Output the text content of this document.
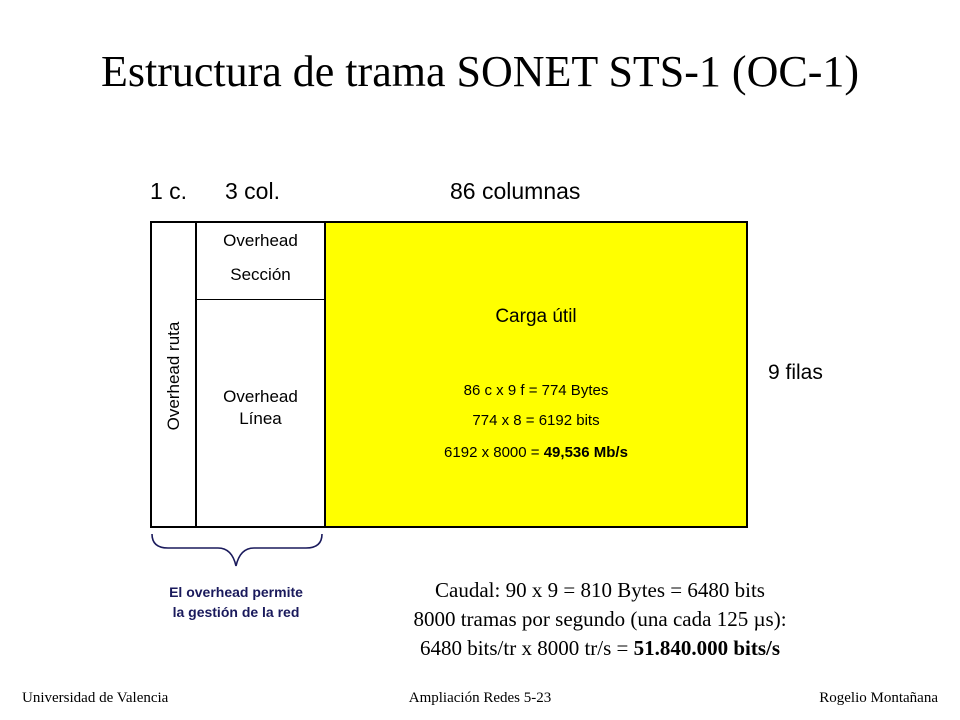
Estructura de trama SONET STS-1 (OC-1)
1 c. 3 col.	86 columnas
Overhead ruta
Overhead
Sección
Overhead
Línea
Carga útil
86 c x 9 f = 774 Bytes
774 x 8 = 6192 bits
6192 x 8000 = 49,536 Mb/s
9 filas
El overhead permite
la gestión de la red
Caudal: 90 x 9 = 810 Bytes = 6480 bits
8000 tramas por segundo (una cada 125 µs):
6480 bits/tr x 8000 tr/s = 51.840.000 bits/s
Universidad de Valencia	Ampliación Redes 5-23	Rogelio Montañana
